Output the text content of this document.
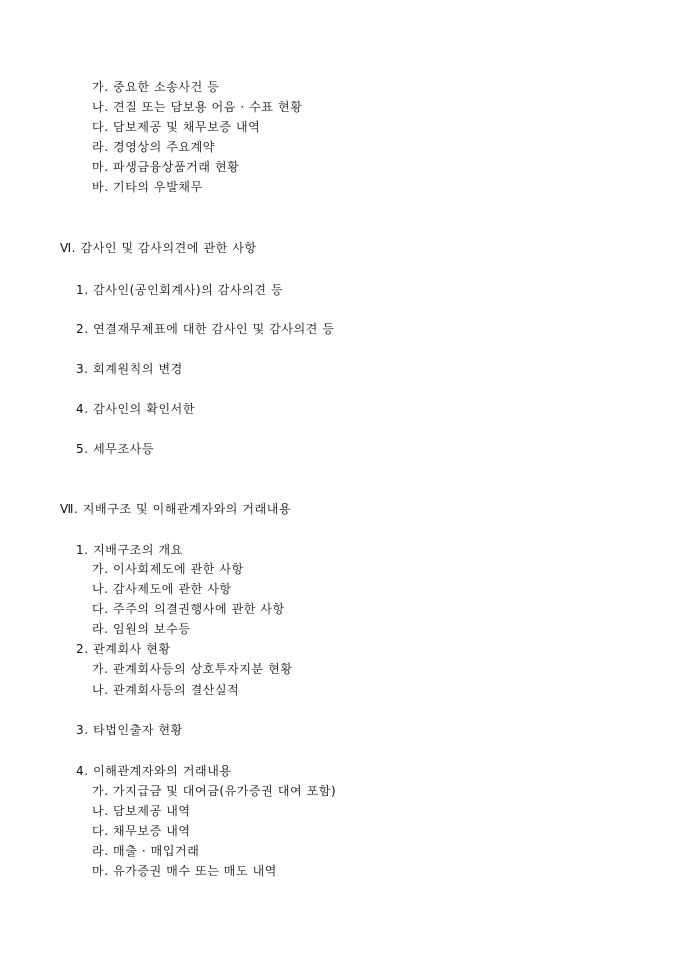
가. 중요한 소송사건 등
나. 견질 또는 담보용 어음 · 수표 현황
다. 담보제공 및 채무보증 내역
라. 경영상의 주요계약
마. 파생금융상품거래 현황
바. 기타의 우발채무
Ⅵ. 감사인 및 감사의견에 관한 사항
1. 감사인(공인회계사)의 감사의견 등
2. 연결재무제표에 대한 감사인 및 감사의견 등
3. 회계원칙의 변경
4. 감사인의 확인서한
5. 세무조사등
Ⅶ. 지배구조 및 이해관계자와의 거래내용
1. 지배구조의 개요
가. 이사회제도에 관한 사항
나. 감사제도에 관한 사항
다. 주주의 의결권행사에 관한 사항
라. 임원의 보수등
2. 관계회사 현황
가. 관계회사등의 상호투자지분 현황
나. 관계회사등의 결산실적
3. 타법인출자 현황
4. 이해관계자와의 거래내용
가. 가지급금 및 대여금(유가증권 대여 포함)
나. 담보제공 내역
다. 채무보증 내역
라. 매출 · 매입거래
마. 유가증권 매수 또는 매도 내역
